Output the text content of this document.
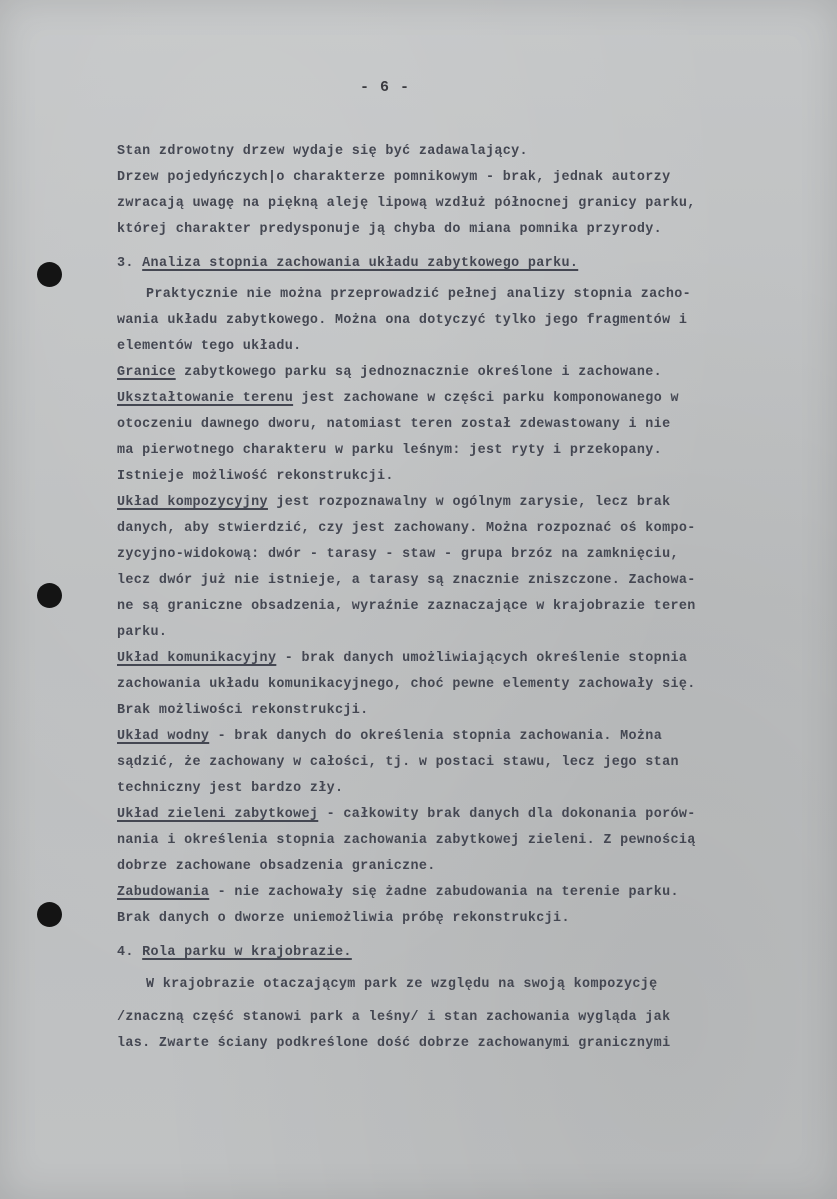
- 6 -

Stan zdrowotny drzew wydaje się być zadawalający.

Drzew pojedyńczych|o charakterze pomnikowym - brak, jednak autorzy

zwracają uwagę na piękną aleję lipową wzdłuż północnej granicy parku,

której charakter predysponuje ją chyba do miana pomnika przyrody.

3. Analiza stopnia zachowania układu zabytkowego parku.

Praktycznie nie można przeprowadzić pełnej analizy stopnia zacho-

wania układu zabytkowego. Można ona dotyczyć tylko jego fragmentów i

elementów tego układu.

Granice zabytkowego parku są jednoznacznie określone i zachowane.

Ukształtowanie terenu jest zachowane w części parku komponowanego w

otoczeniu dawnego dworu, natomiast teren został zdewastowany i nie

ma pierwotnego charakteru w parku leśnym: jest ryty i przekopany.

Istnieje możliwość rekonstrukcji.

Układ kompozycyjny jest rozpoznawalny w ogólnym zarysie, lecz brak

danych, aby stwierdzić, czy jest zachowany. Można rozpoznać oś kompo-

zycyjno-widokową: dwór - tarasy - staw - grupa brzóz na zamknięciu,

lecz dwór już nie istnieje, a tarasy są znacznie zniszczone. Zachowa-

ne są graniczne obsadzenia, wyraźnie zaznaczające w krajobrazie teren

parku.

Układ komunikacyjny - brak danych umożliwiających określenie stopnia

zachowania układu komunikacyjnego, choć pewne elementy zachowały się.

Brak możliwości rekonstrukcji.

Układ wodny - brak danych do określenia stopnia zachowania. Można

sądzić, że zachowany w całości, tj. w postaci stawu, lecz jego stan

techniczny jest bardzo zły.

Układ zieleni zabytkowej - całkowity brak danych dla dokonania porów-

nania i określenia stopnia zachowania zabytkowej zieleni. Z pewnością

dobrze zachowane obsadzenia graniczne.

Zabudowania - nie zachowały się żadne zabudowania na terenie parku.

Brak danych o dworze uniemożliwia próbę rekonstrukcji.

4. Rola parku w krajobrazie.

W krajobrazie otaczającym park ze względu na swoją kompozycję

/znaczną część stanowi park a leśny/ i stan zachowania wygląda jak

las. Zwarte ściany podkreślone dość dobrze zachowanymi granicznymi
